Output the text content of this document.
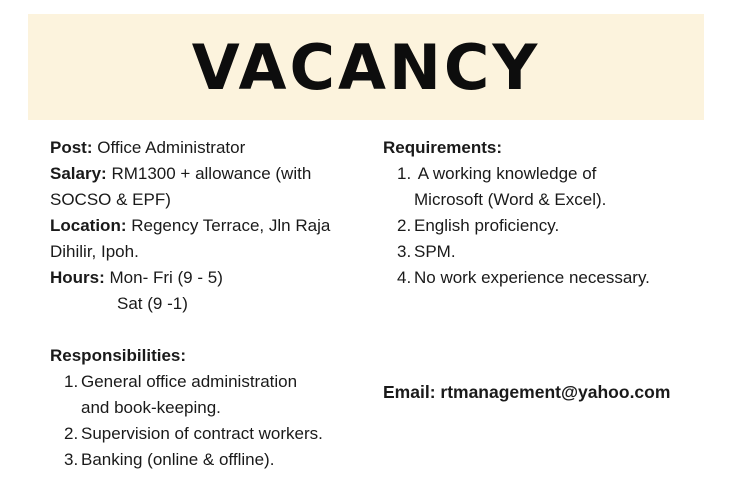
VACANCY
Post: Office Administrator
Salary: RM1300 + allowance (with
SOCSO & EPF)
Location: Regency Terrace, Jln Raja
Dihilir, Ipoh.
Hours: Mon- Fri (9 - 5)
Sat (9 -1)
Responsibilities:
1. General office administration
and book-keeping.
2. Supervision of contract workers.
3. Banking (online & offline).
Requirements:
1. A working knowledge of
Microsoft (Word & Excel).
2. English proficiency.
3. SPM.
4. No work experience necessary.
Email: rtmanagement@yahoo.com
